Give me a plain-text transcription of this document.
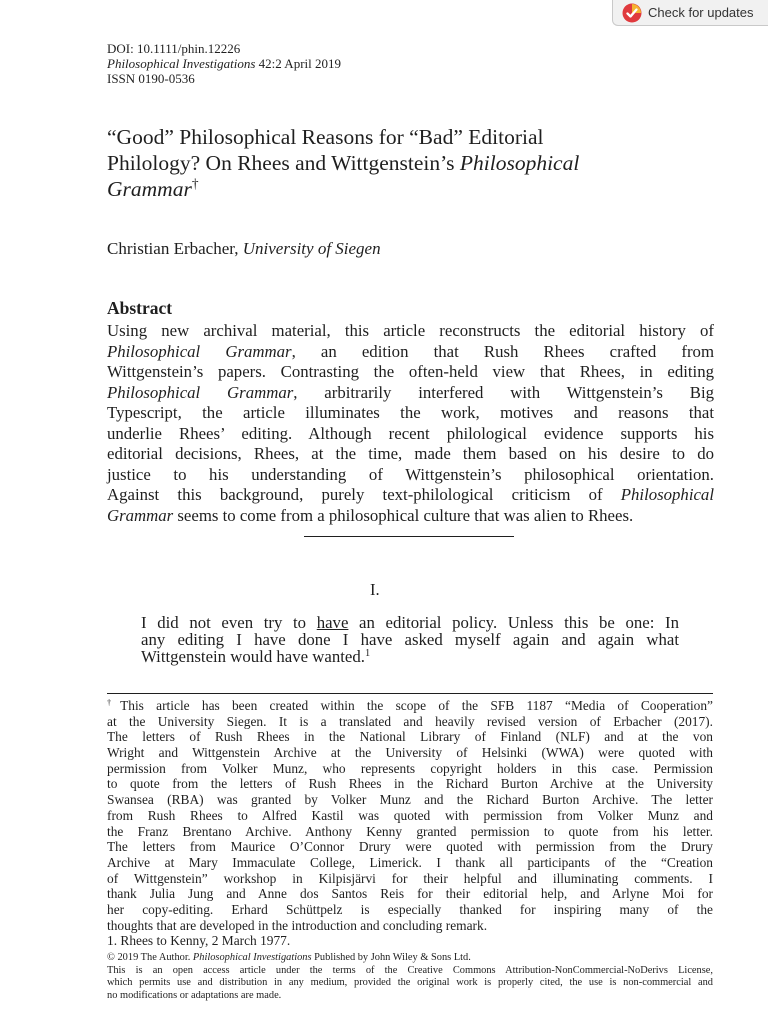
Check for updates
DOI: 10.1111/phin.12226
Philosophical Investigations 42:2 April 2019
ISSN 0190-0536
“Good” Philosophical Reasons for “Bad” Editorial
Philology? On Rhees and Wittgenstein’s Philosophical
Grammar†
Christian Erbacher, University of Siegen
Abstract
Using new archival material, this article reconstructs the editorial history of
Philosophical Grammar, an edition that Rush Rhees crafted from
Wittgenstein’s papers. Contrasting the often-held view that Rhees, in editing
Philosophical Grammar, arbitrarily interfered with Wittgenstein’s Big
Typescript, the article illuminates the work, motives and reasons that
underlie Rhees’ editing. Although recent philological evidence supports his
editorial decisions, Rhees, at the time, made them based on his desire to do
justice to his understanding of Wittgenstein’s philosophical orientation.
Against this background, purely text-philological criticism of Philosophical
Grammar seems to come from a philosophical culture that was alien to Rhees.
I.
I did not even try to have an editorial policy. Unless this be one: In
any editing I have done I have asked myself again and again what
Wittgenstein would have wanted.$^1$
†This article has been created within the scope of the SFB 1187 “Media of Cooperation”
at the University Siegen. It is a translated and heavily revised version of Erbacher (2017).
The letters of Rush Rhees in the National Library of Finland (NLF) and at the von
Wright and Wittgenstein Archive at the University of Helsinki (WWA) were quoted with
permission from Volker Munz, who represents copyright holders in this case. Permission
to quote from the letters of Rush Rhees in the Richard Burton Archive at the University
Swansea (RBA) was granted by Volker Munz and the Richard Burton Archive. The letter
from Rush Rhees to Alfred Kastil was quoted with permission from Volker Munz and
the Franz Brentano Archive. Anthony Kenny granted permission to quote from his letter.
The letters from Maurice O’Connor Drury were quoted with permission from the Drury
Archive at Mary Immaculate College, Limerick. I thank all participants of the “Creation
of Wittgenstein” workshop in Kilpisjärvi for their helpful and illuminating comments. I
thank Julia Jung and Anne dos Santos Reis for their editorial help, and Arlyne Moi for
her copy-editing. Erhard Schüttpelz is especially thanked for inspiring many of the
thoughts that are developed in the introduction and concluding remark.
1. Rhees to Kenny, 2 March 1977.
© 2019 The Author. Philosophical Investigations Published by John Wiley & Sons Ltd.
This is an open access article under the terms of the Creative Commons Attribution-NonCommercial-NoDerivs License,
which permits use and distribution in any medium, provided the original work is properly cited, the use is non-commercial and
no modifications or adaptations are made.
